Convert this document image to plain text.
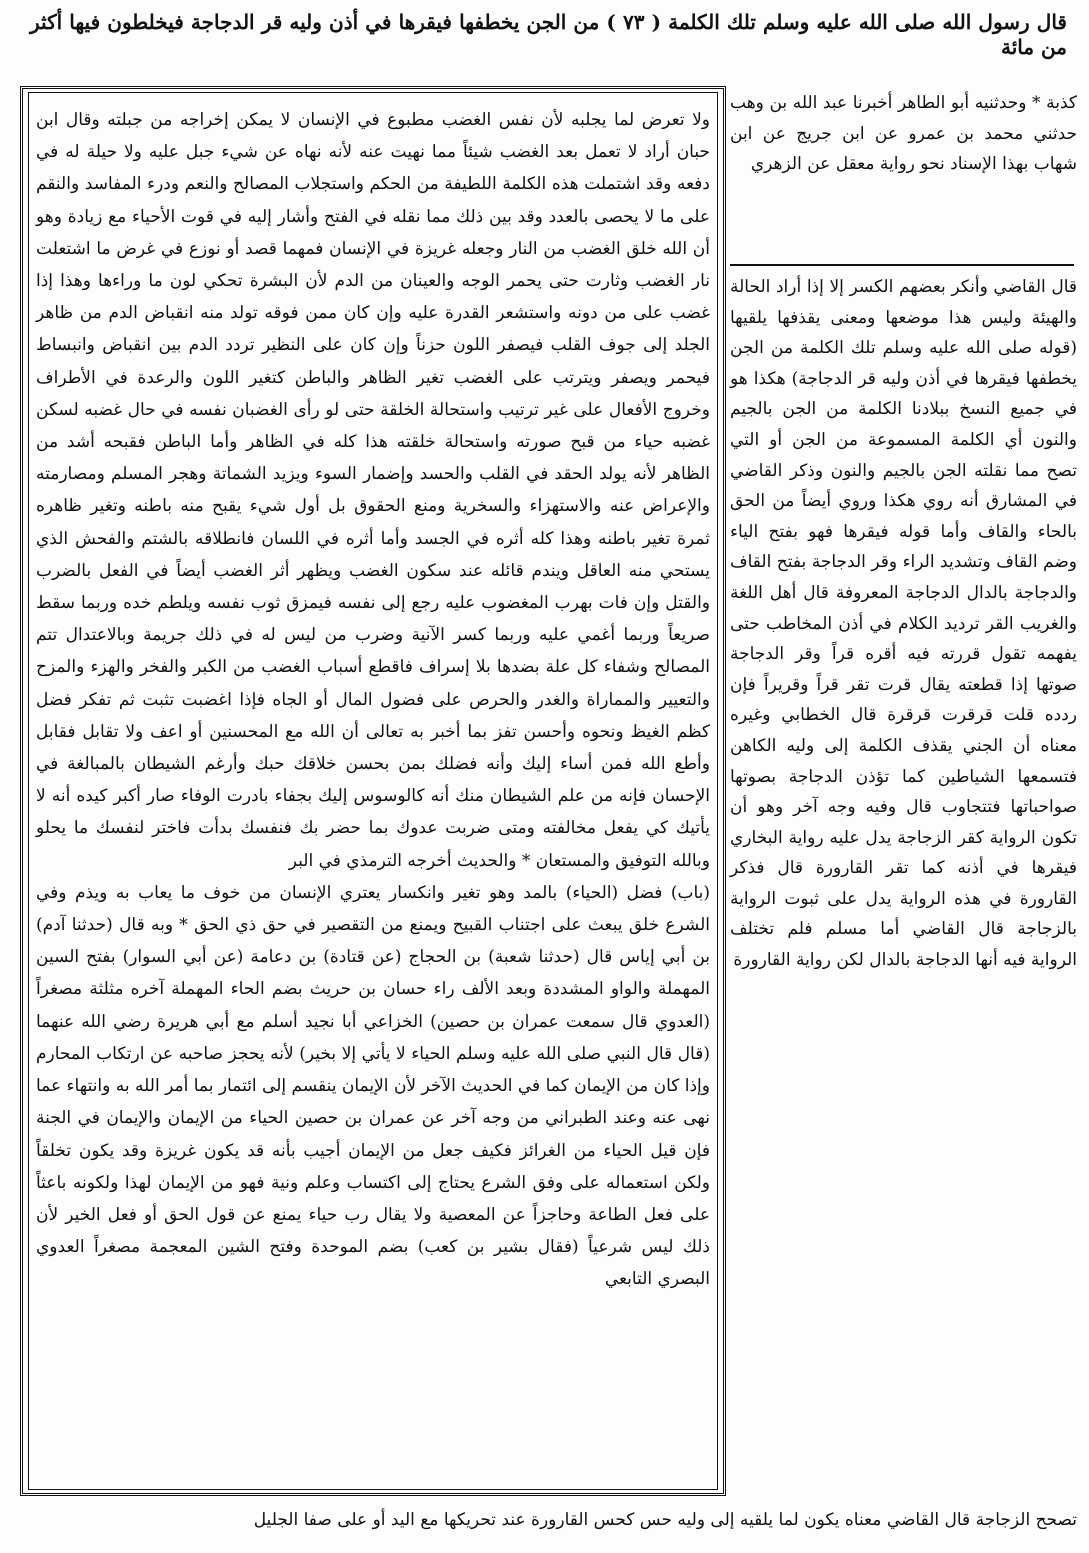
قال رسول الله صلى الله عليه وسلم تلك الكلمة ( ٧٣ ) من الجن يخطفها فيقرها في أذن وليه قر الدجاجة فيخلطون فيها أكثر من مائة

ولا تعرض لما يجلبه لأن نفس الغضب مطبوع في الإنسان لا يمكن إخراجه من جبلته وقال ابن حبان أراد لا تعمل بعد الغضب شيئاً مما نهيت عنه لأنه نهاه عن شيء جبل عليه ولا حيلة له في دفعه وقد اشتملت هذه الكلمة اللطيفة من الحكم واستجلاب المصالح والنعم ودرء المفاسد والنقم على ما لا يحصى بالعدد وقد بين ذلك مما نقله في الفتح وأشار إليه في قوت الأحياء مع زيادة وهو أن الله خلق الغضب من النار وجعله غريزة في الإنسان فمهما قصد أو نوزع في غرض ما اشتعلت نار الغضب وثارت حتى يحمر الوجه والعينان من الدم لأن البشرة تحكي لون ما وراءها وهذا إذا غضب على من دونه واستشعر القدرة عليه وإن كان ممن فوقه تولد منه انقباض الدم من ظاهر الجلد إلى جوف القلب فيصفر اللون حزناً وإن كان على النظير تردد الدم بين انقباض وانبساط فيحمر ويصفر ويترتب على الغضب تغير الظاهر والباطن كتغير اللون والرعدة في الأطراف وخروج الأفعال على غير ترتيب واستحالة الخلقة حتى لو رأى الغضبان نفسه في حال غضبه لسكن غضبه حياء من قبح صورته واستحالة خلقته هذا كله في الظاهر وأما الباطن فقبحه أشد من الظاهر لأنه يولد الحقد في القلب والحسد وإضمار السوء ويزيد الشماتة وهجر المسلم ومصارمته والإعراض عنه والاستهزاء والسخرية ومنع الحقوق بل أول شيء يقبح منه باطنه وتغير ظاهره ثمرة تغير باطنه وهذا كله أثره في الجسد وأما أثره في اللسان فانطلاقه بالشتم والفحش الذي يستحي منه العاقل ويندم قائله عند سكون الغضب ويظهر أثر الغضب أيضاً في الفعل بالضرب والقتل وإن فات بهرب المغضوب عليه رجع إلى نفسه فيمزق ثوب نفسه ويلطم خده وربما سقط صريعاً وربما أغمي عليه وربما كسر الآنية وضرب من ليس له في ذلك جريمة وبالاعتدال تتم المصالح وشفاء كل علة بضدها بلا إسراف فاقطع أسباب الغضب من الكبر والفخر والهزء والمزح والتعيير والمماراة والغدر والحرص على فضول المال أو الجاه فإذا اغضبت تثبت ثم تفكر فضل كظم الغيظ ونحوه وأحسن تفز بما أخبر به تعالى أن الله مع المحسنين أو اعف ولا تقابل فقابل وأطع الله فمن أساء إليك وأنه فضلك بمن بحسن خلاقك حبك وأرغم الشيطان بالمبالغة في الإحسان فإنه من علم الشيطان منك أنه كالوسوس إليك بجفاء بادرت الوفاء صار أكبر كيده أنه لا يأتيك كي يفعل مخالفته ومتى ضربت عدوك بما حضر بك فنفسك بدأت فاختر لنفسك ما يحلو وبالله التوفيق والمستعان * والحديث أخرجه الترمذي في البر

(باب) فضل (الحياء) بالمد وهو تغير وانكسار يعتري الإنسان من خوف ما يعاب به ويذم وفي الشرع خلق يبعث على اجتناب القبيح ويمنع من التقصير في حق ذي الحق * وبه قال (حدثنا آدم) بن أبي إياس قال (حدثنا شعبة) بن الحجاج (عن قتادة) بن دعامة (عن أبي السوار) بفتح السين المهملة والواو المشددة وبعد الألف راء حسان بن حريث بضم الحاء المهملة آخره مثلثة مصغراً (العدوي قال سمعت عمران بن حصين) الخزاعي أبا نجيد أسلم مع أبي هريرة رضي الله عنهما (قال قال النبي صلى الله عليه وسلم الحياء لا يأتي إلا بخير) لأنه يحجز صاحبه عن ارتكاب المحارم وإذا كان من الإيمان كما في الحديث الآخر لأن الإيمان ينقسم إلى ائتمار بما أمر الله به وانتهاء عما نهى عنه وعند الطبراني من وجه آخر عن عمران بن حصين الحياء من الإيمان والإيمان في الجنة فإن قيل الحياء من الغرائز فكيف جعل من الإيمان أجيب بأنه قد يكون غريزة وقد يكون تخلقاً ولكن استعماله على وفق الشرع يحتاج إلى اكتساب وعلم ونية فهو من الإيمان لهذا ولكونه باعثاً على فعل الطاعة وحاجزاً عن المعصية ولا يقال رب حياء يمنع عن قول الحق أو فعل الخير لأن ذلك ليس شرعياً (فقال بشير بن كعب) بضم الموحدة وفتح الشين المعجمة مصغراً العدوي البصري التابعي

كذبة * وحدثنيه أبو الطاهر أخبرنا عبد الله بن وهب حدثني محمد بن عمرو عن ابن جريج عن ابن شهاب بهذا الإسناد نحو رواية معقل عن الزهري

قال القاضي وأنكر بعضهم الكسر إلا إذا أراد الحالة والهيئة وليس هذا موضعها ومعنى يقذفها يلقيها (قوله صلى الله عليه وسلم تلك الكلمة من الجن يخطفها فيقرها في أذن وليه قر الدجاجة) هكذا هو في جميع النسخ ببلادنا الكلمة من الجن بالجيم والنون أي الكلمة المسموعة من الجن أو التي تصح مما نقلته الجن بالجيم والنون وذكر القاضي في المشارق أنه روي هكذا وروي أيضاً من الحق بالحاء والقاف وأما قوله فيقرها فهو بفتح الياء وضم القاف وتشديد الراء وقر الدجاجة بفتح القاف والدجاجة بالدال الدجاجة المعروفة قال أهل اللغة والغريب القر ترديد الكلام في أذن المخاطب حتى يفهمه تقول قررته فيه أقره قراً وقر الدجاجة صوتها إذا قطعته يقال قرت تقر قراً وقريراً فإن ردده قلت قرقرت قرقرة قال الخطابي وغيره معناه أن الجني يقذف الكلمة إلى وليه الكاهن فتسمعها الشياطين كما تؤذن الدجاجة بصوتها صواحباتها فتتجاوب قال وفيه وجه آخر وهو أن تكون الرواية كقر الزجاجة يدل عليه رواية البخاري فيقرها في أذنه كما تقر القارورة قال فذكر القارورة في هذه الرواية يدل على ثبوت الرواية بالزجاجة قال القاضي أما مسلم فلم تختلف الرواية فيه أنها الدجاجة بالدال لكن رواية القارورة

تصحح الزجاجة قال القاضي معناه يكون لما يلقيه إلى وليه حس كحس القارورة عند تحريكها مع اليد أو على صفا الجليل
